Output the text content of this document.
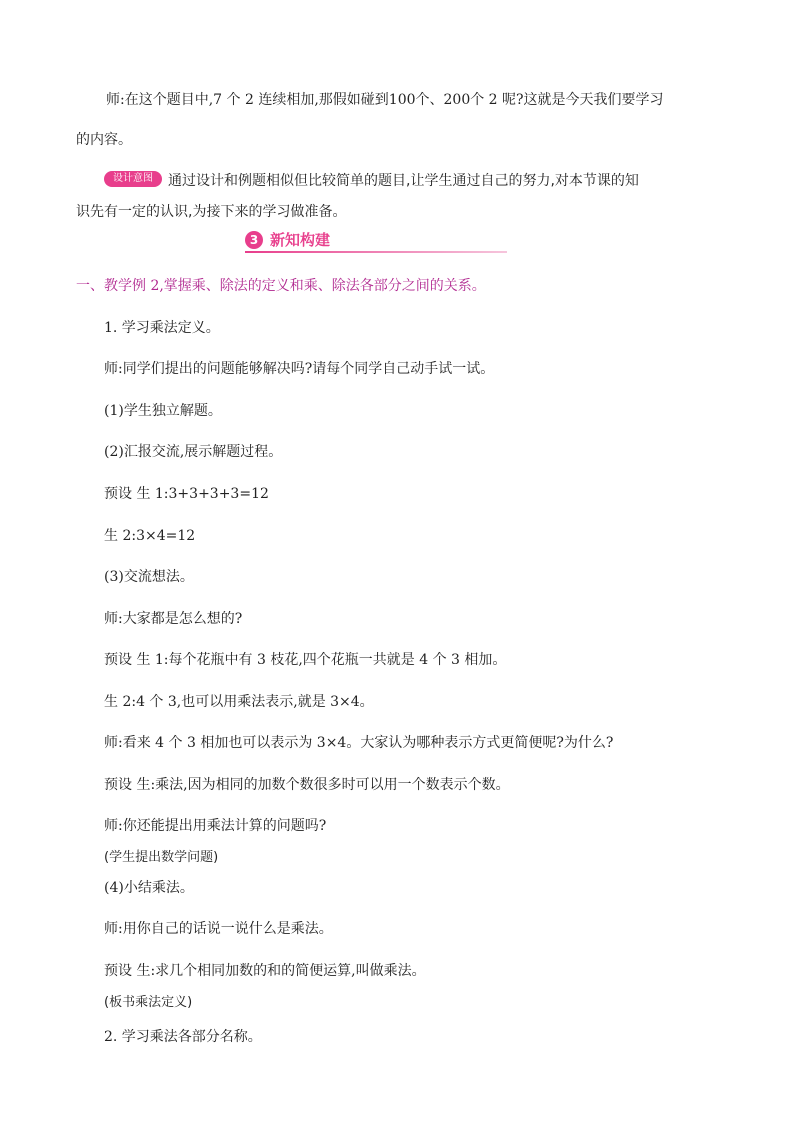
师:在这个题目中,7 个 2 连续相加,那假如碰到100个、200个 2 呢?这就是今天我们要学习
的内容。
设计意图	通过设计和例题相似但比较简单的题目,让学生通过自己的努力,对本节课的知
识先有一定的认识,为接下来的学习做准备。
3 新知构建
一、教学例 2,掌握乘、除法的定义和乘、除法各部分之间的关系。
1. 学习乘法定义。
师:同学们提出的问题能够解决吗?请每个同学自己动手试一试。
(1)学生独立解题。
(2)汇报交流,展示解题过程。
预设 生 1:3+3+3+3=12
生 2:3×4=12
(3)交流想法。
师:大家都是怎么想的?
预设 生 1:每个花瓶中有 3 枝花,四个花瓶一共就是 4 个 3 相加。
生 2:4 个 3,也可以用乘法表示,就是 3×4。
师:看来 4 个 3 相加也可以表示为 3×4。大家认为哪种表示方式更简便呢?为什么?
预设 生:乘法,因为相同的加数个数很多时可以用一个数表示个数。
师:你还能提出用乘法计算的问题吗?
(学生提出数学问题)
(4)小结乘法。
师:用你自己的话说一说什么是乘法。
预设 生:求几个相同加数的和的简便运算,叫做乘法。
(板书乘法定义)
2. 学习乘法各部分名称。
